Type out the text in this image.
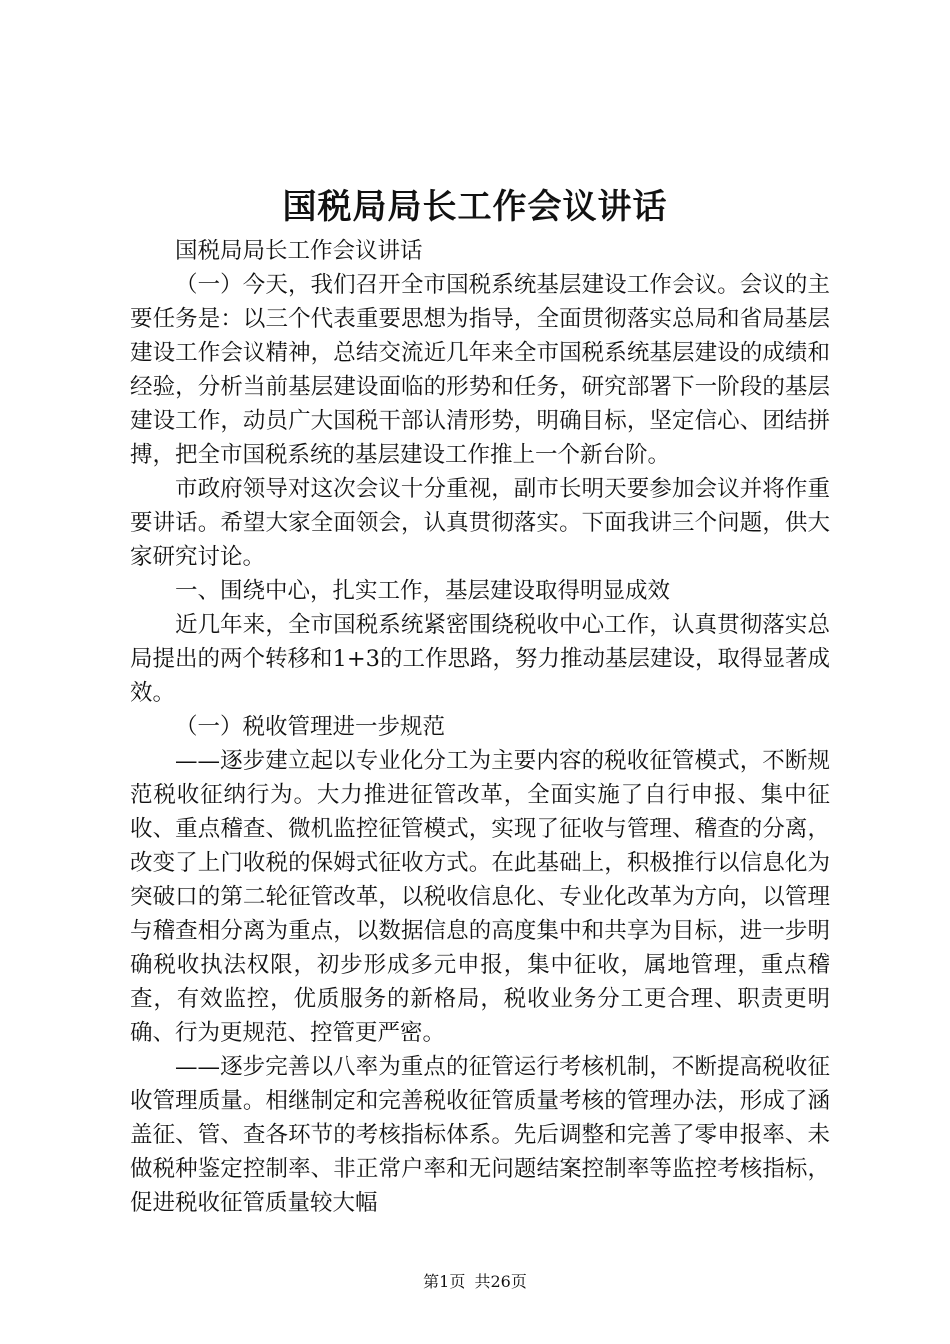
国税局局长工作会议讲话

国税局局长工作会议讲话

（一）今天，我们召开全市国税系统基层建设工作会议。会议的主要任务是：以三个代表重要思想为指导，全面贯彻落实总局和省局基层建设工作会议精神，总结交流近几年来全市国税系统基层建设的成绩和经验，分析当前基层建设面临的形势和任务，研究部署下一阶段的基层建设工作，动员广大国税干部认清形势，明确目标，坚定信心、团结拼搏，把全市国税系统的基层建设工作推上一个新台阶。

市政府领导对这次会议十分重视，副市长明天要参加会议并将作重要讲话。希望大家全面领会，认真贯彻落实。下面我讲三个问题，供大家研究讨论。

一、围绕中心，扎实工作，基层建设取得明显成效

近几年来，全市国税系统紧密围绕税收中心工作，认真贯彻落实总局提出的两个转移和1+3的工作思路，努力推动基层建设，取得显著成效。

（一）税收管理进一步规范

——逐步建立起以专业化分工为主要内容的税收征管模式，不断规范税收征纳行为。大力推进征管改革，全面实施了自行申报、集中征收、重点稽查、微机监控征管模式，实现了征收与管理、稽查的分离，改变了上门收税的保姆式征收方式。在此基础上，积极推行以信息化为突破口的第二轮征管改革，以税收信息化、专业化改革为方向，以管理与稽查相分离为重点，以数据信息的高度集中和共享为目标，进一步明确税收执法权限，初步形成多元申报，集中征收，属地管理，重点稽查，有效监控，优质服务的新格局，税收业务分工更合理、职责更明确、行为更规范、控管更严密。

——逐步完善以八率为重点的征管运行考核机制，不断提高税收征收管理质量。相继制定和完善税收征管质量考核的管理办法，形成了涵盖征、管、查各环节的考核指标体系。先后调整和完善了零申报率、未做税种鉴定控制率、非正常户率和无问题结案控制率等监控考核指标，促进税收征管质量较大幅

第1页 共26页
